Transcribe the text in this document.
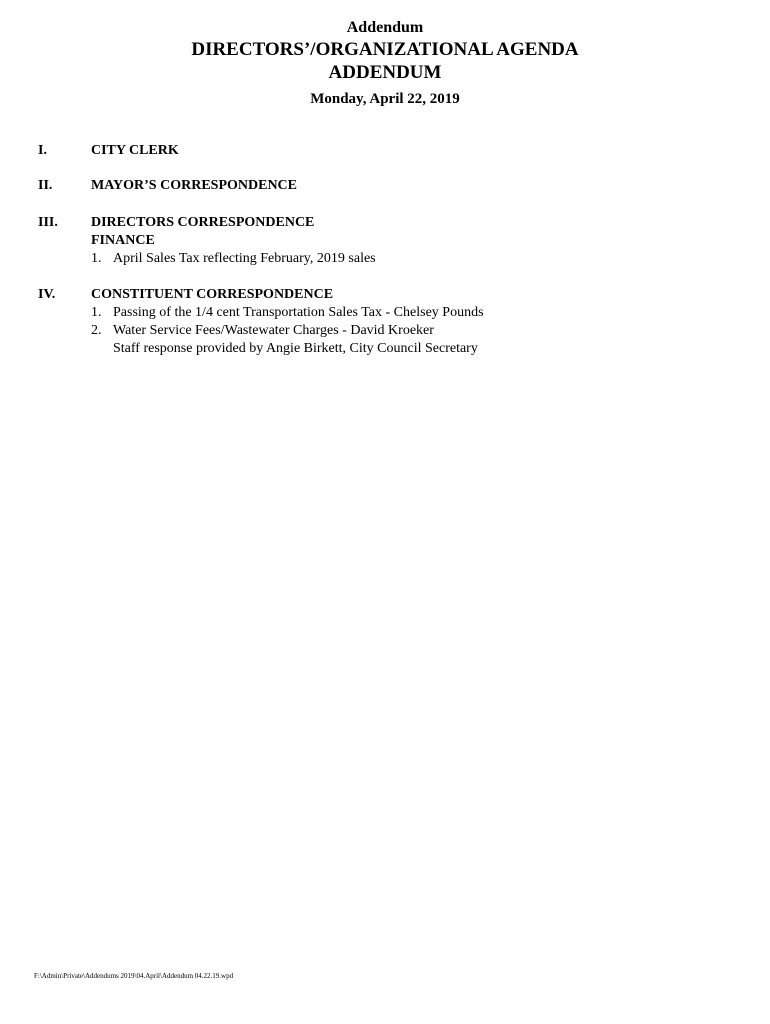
Addendum
DIRECTORS’/ORGANIZATIONAL AGENDA
ADDENDUM
Monday, April 22, 2019
I.	CITY CLERK
II.	MAYOR’S CORRESPONDENCE
III. DIRECTORS CORRESPONDENCE
FINANCE
1. April Sales Tax reflecting February, 2019 sales
IV.	CONSTITUENT CORRESPONDENCE
1. Passing of the 1/4 cent Transportation Sales Tax - Chelsey Pounds
2. Water Service Fees/Wastewater Charges - David Kroeker
Staff response provided by Angie Birkett, City Council Secretary
F:\Admin\Private\Addendums 2019\04.April\Addendum 04.22.19.wpd
